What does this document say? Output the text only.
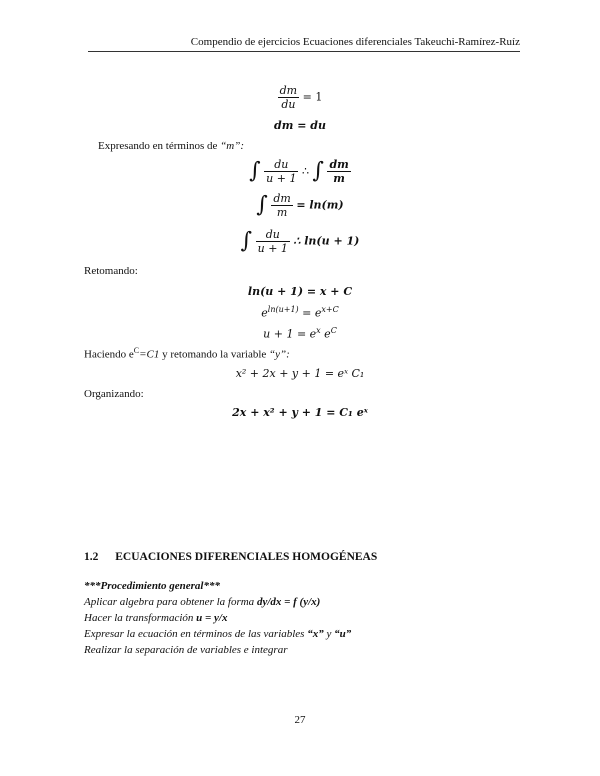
Compendio de ejercicios Ecuaciones diferenciales Takeuchi-Ramírez-Ruíz
$\frac{dm}{du} = 1$
dm = du
Expresando en términos de “m”:
∫ $\frac{du}{u + 1}$ ∴ ∫ $\frac{dm}{m}$
∫ $\frac{dm}{m} = \ln(m)$
∫ $\frac{du}{u + 1}$ ∴ ln(u + 1)
Retomando:
ln(u + 1) = x + C
$e^{ln(u+1)} = e^{x+C}$
$u + 1 = e^x$ $e^C$
Haciendo $e^C=C1$ y retomando la variable “y”:
x² + 2x + y + 1 = eˣ C₁
Organizando:
2x + x² + y + 1 = C₁ eˣ
1.2 ECUACIONES DIFERENCIALES HOMOGÉNEAS
***Procedimiento general***
Aplicar algebra para obtener la forma dy/dx = f (y/x)
Hacer la transformación u = y/x
Expresar la ecuación en términos de las variables “x” y “u”
Realizar la separación de variables e integrar
27
